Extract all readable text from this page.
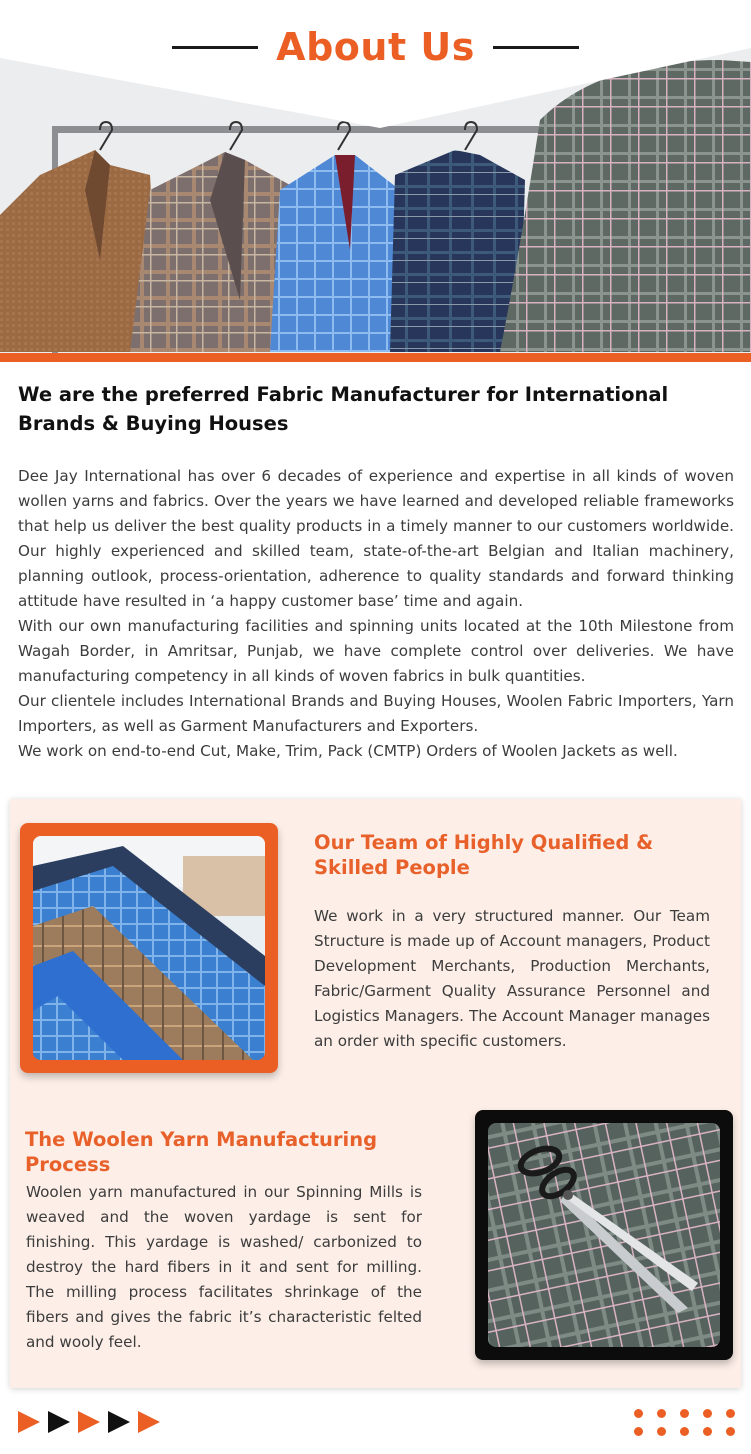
About Us
We are the preferred Fabric Manufacturer for International Brands & Buying Houses

Dee Jay International has over 6 decades of experience and expertise in all kinds of woven wollen yarns and fabrics. Over the years we have learned and developed reliable frameworks that help us deliver the best quality products in a timely manner to our customers worldwide. Our highly experienced and skilled team, state-of-the-art Belgian and Italian machinery, planning outlook, process-orientation, adherence to quality standards and forward thinking attitude have resulted in ‘a happy customer base’ time and again.

With our own manufacturing facilities and spinning units located at the 10th Milestone from Wagah Border, in Amritsar, Punjab, we have complete control over deliveries. We have manufacturing competency in all kinds of woven fabrics in bulk quantities.

Our clientele includes International Brands and Buying Houses, Woolen Fabric Importers, Yarn Importers, as well as Garment Manufacturers and Exporters.

We work on end-to-end Cut, Make, Trim, Pack (CMTP) Orders of Woolen Jackets as well.

Our Team of Highly Qualified & Skilled People

We work in a very structured manner. Our Team Structure is made up of Account managers, Product Development Merchants, Production Merchants, Fabric/Garment Quality Assurance Personnel and Logistics Managers. The Account Manager manages an order with specific customers.

The Woolen Yarn Manufacturing Process

Woolen yarn manufactured in our Spinning Mills is weaved and the woven yardage is sent for finishing. This yardage is washed/ carbonized to destroy the hard fibers in it and sent for milling. The milling process facilitates shrinkage of the fibers and gives the fabric it’s characteristic felted and wooly feel.
